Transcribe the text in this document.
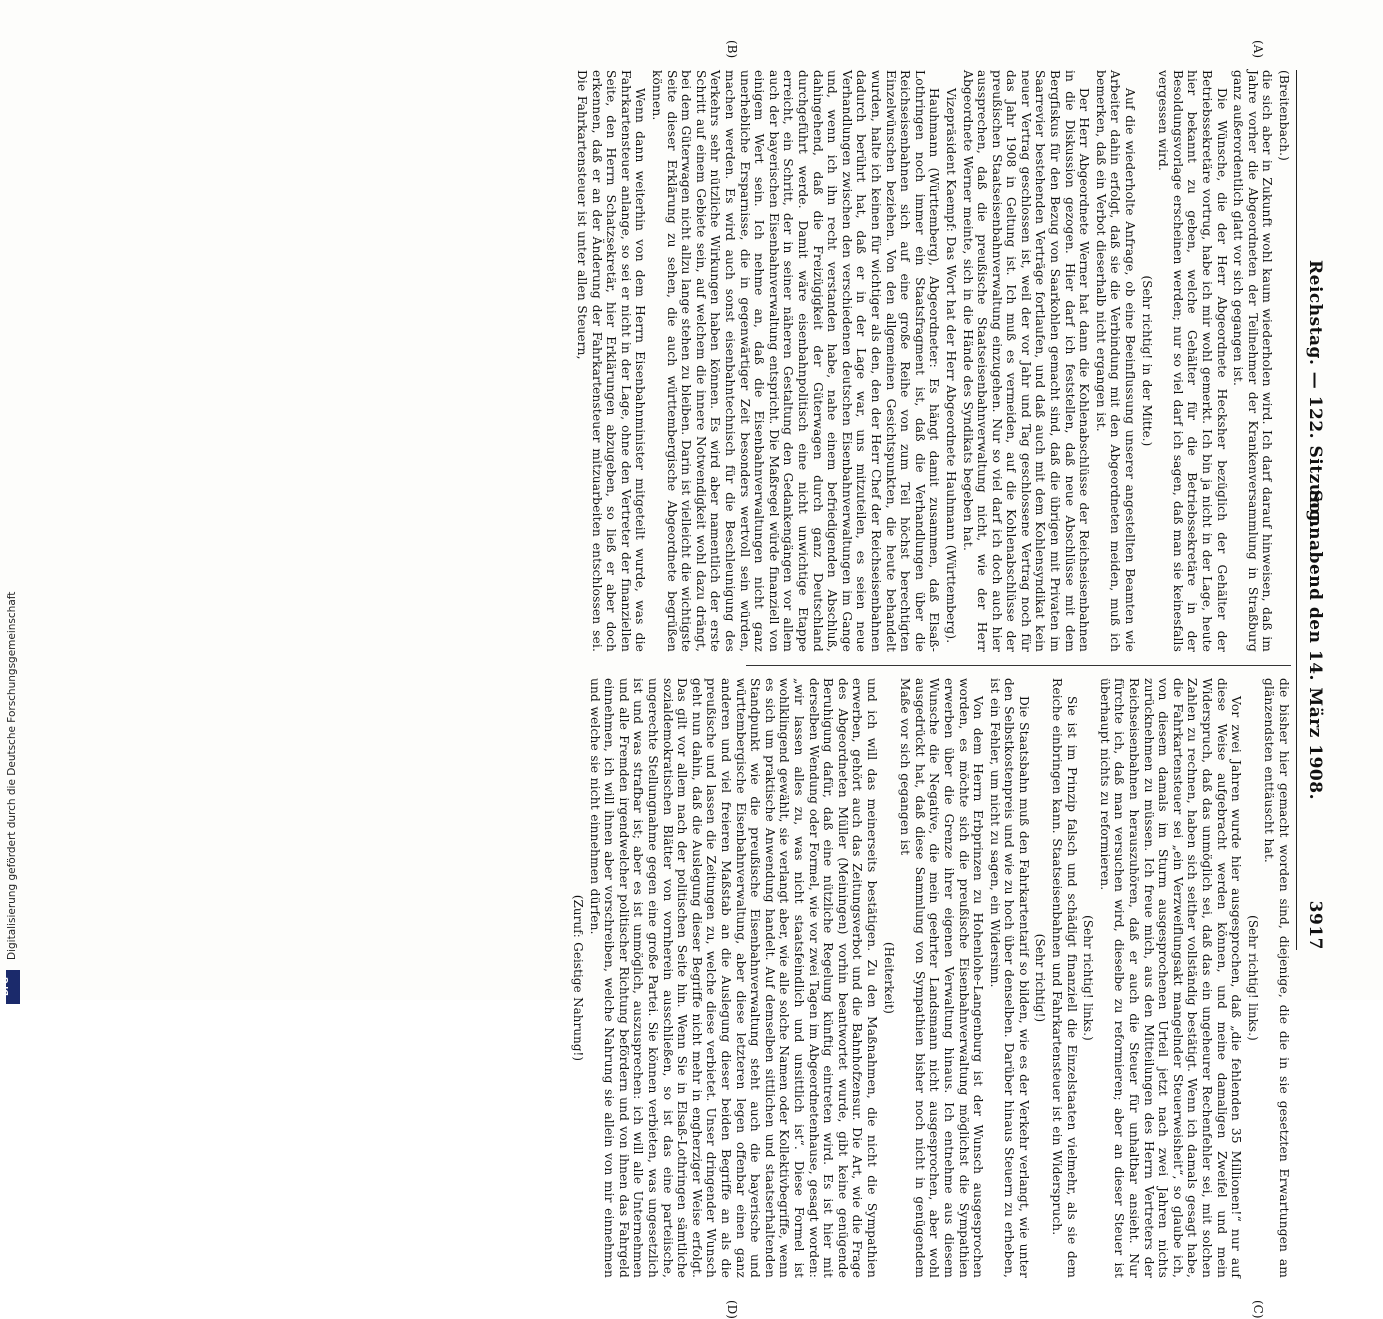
Reichstag. — 122. Sitzung.
Sonnabend den 14. März 1908.
3917
(A)
(B)
(C)
(D)

(Breitenbach.)

die sich aber in Zukunft wohl kaum wiederholen wird. Ich darf darauf hinweisen, daß im Jahre vorher die Abgeordneten der Teilnehmer der Krankenversammlung in Straßburg ganz außerordentlich glatt vor sich gegangen ist.

Die Wünsche, die der Herr Abgeordnete Hecksher bezüglich der Gehälter der Betriebssekretäre vortrug, habe ich mir wohl gemerkt. Ich bin ja nicht in der Lage, heute hier bekannt zu geben, welche Gehälter für die Betriebssekretäre in der Besoldungsvorlage erscheinen werden; nur so viel darf ich sagen, daß man sie keinesfalls vergessen wird.

(Sehr richtig! in der Mitte.)

Auf die wiederholte Anfrage, ob eine Beeinflussung unserer angestellten Beamten wie Arbeiter dahin erfolgt, daß sie die Verbindung mit den Abgeordneten meiden, muß ich bemerken, daß ein Verbot dieserhalb nicht ergangen ist.

Der Herr Abgeordnete Werner hat dann die Kohlenabschlüsse der Reichseisenbahnen in die Diskussion gezogen. Hier darf ich feststellen, daß neue Abschlüsse mit dem Bergfiskus für den Bezug von Saarkohlen gemacht sind, daß die übrigen mit Privaten im Saarrevier bestehenden Verträge fortlaufen, und daß auch mit dem Kohlensyndikat kein neuer Vertrag geschlossen ist, weil der vor Jahr und Tag geschlossene Vertrag noch für das Jahr 1908 in Geltung ist. Ich muß es vermeiden, auf die Kohlenabschlüsse der preußischen Staatseisenbahnverwaltung einzugehen. Nur so viel darf ich doch auch hier aussprechen, daß die preußische Staatseisenbahnverwaltung nicht, wie der Herr Abgeordnete Werner meinte, sich in die Hände des Syndikats begeben hat.

Vizepräsident Kaempf: Das Wort hat der Herr Abgeordnete Hauhmann (Württemberg).

Hauhmann (Württemberg), Abgeordneter: Es hängt damit zusammen, daß Elsaß-Lothringen noch immer ein Staatsfragment ist, daß die Verhandlungen über die Reichseisenbahnen sich auf eine große Reihe von zum Teil höchst berechtigten Einzelwünschen beziehen. Von den allgemeinen Gesichtspunkten, die heute behandelt wurden, halte ich keinen für wichtiger als den, den der Herr Chef der Reichseisenbahnen dadurch berührt hat, daß er in der Lage war, uns mitzuteilen, es seien neue Verhandlungen zwischen den verschiedenen deutschen Eisenbahnverwaltungen im Gange und, wenn ich ihn recht verstanden habe, nahe einem befriedigenden Abschluß, dahingehend, daß die Freizügigkeit der Güterwagen durch ganz Deutschland durchgeführt werde. Damit wäre eisenbahnpolitisch eine nicht unwichtige Etappe erreicht, ein Schritt, der in seiner näheren Gestaltung den Gedankengängen vor allem auch der bayerischen Eisenbahnverwaltung entspricht. Die Maßregel würde finanziell von einigem Wert sein. Ich nehme an, daß die Eisenbahnverwaltungen nicht ganz unerhebliche Ersparnisse, die in gegenwärtiger Zeit besonders wertvoll sein würden, machen werden. Es wird auch sonst eisenbahntechnisch für die Beschleunigung des Verkehrs sehr nützliche Wirkungen haben können. Es wird aber namentlich der erste Schritt auf einem Gebiete sein, auf welchem die innere Notwendigkeit wohl dazu drängt, bei dem Güterwagen nicht allzu lange stehen zu bleiben. Darin ist vielleicht die wichtigste Seite dieser Erklärung zu sehen, die auch württembergische Abgeordnete begrüßen können.

Wenn dann weiterhin von dem Herrn Eisenbahnminister mitgeteilt wurde, was die Fahrkartensteuer anlange, so sei er nicht in der Lage, ohne den Vertreter der finanziellen Seite, den Herrn Schatzsekretär, hier Erklärungen abzugeben, so ließ er aber doch erkennen, daß er an der Änderung der Fahrkartensteuer mitzuarbeiten entschlossen sei. Die Fahrkartensteuer ist unter allen Steuern,

die bisher hier gemacht worden sind, diejenige, die die in sie gesetzten Erwartungen am glänzendsten enttäuscht hat.

(Sehr richtig! links.)

Vor zwei Jahren wurde hier ausgesprochen, daß „die fehlenden 35 Millionen!“ nur auf diese Weise aufgebracht werden können, und meine damaligen Zweifel und mein Widerspruch, daß das unmöglich sei, daß das ein ungeheurer Rechenfehler sei, mit solchen Zahlen zu rechnen, haben sich seither vollständig bestätigt. Wenn ich damals gesagt habe, die Fahrkartensteuer sei „ein Verzweiflungsakt mangelnder Steuerweisheit“, so glaube ich, von diesem damals im Sturm ausgesprochenen Urteil jetzt nach zwei Jahren nichts zurücknehmen zu müssen. Ich freue mich, aus den Mitteilungen des Herrn Vertreters der Reichseisenbahnen herauszuhören, daß er auch die Steuer für unhaltbar ansieht. Nur fürchte ich, daß man versuchen wird, dieselbe zu reformieren; aber an dieser Steuer ist überhaupt nichts zu reformieren.

(Sehr richtig! links.)

Sie ist im Prinzip falsch und schädigt finanziell die Einzelstaaten vielmehr, als sie dem Reiche einbringen kann. Staatseisenbahnen und Fahrkartensteuer ist ein Widerspruch.

(Sehr richtig!)

Die Staatsbahn muß den Fahrkartentarif so bilden, wie es der Verkehr verlangt, wie unter den Selbstkostenpreis und wie zu hoch über denselben. Darüber hinaus Steuern zu erheben, ist ein Fehler, um nicht zu sagen, ein Widersinn.

Von dem Herrn Erbprinzen zu Hohenlohe-Langenburg ist der Wunsch ausgesprochen worden, es möchte sich die preußische Eisenbahnverwaltung möglichst die Sympathien erwerben über die Grenze ihrer eigenen Verwaltung hinaus. Ich entnehme aus diesem Wunsche die Negative, die mein geehrter Landsmann nicht ausgesprochen, aber wohl ausgedrückt hat, daß diese Sammlung von Sympathien bisher noch nicht in genügendem Maße vor sich gegangen ist

(Heiterkeit)

und ich will das meinerseits bestätigen. Zu den Maßnahmen, die nicht die Sympathien erwerben, gehört auch das Zeitungsverbot und die Bahnhofzensur. Die Art, wie die Frage des Abgeordneten Müller (Meiningen) vorhin beantwortet wurde, gibt keine genügende Beruhigung dafür, daß eine nützliche Regelung künftig eintreten wird. Es ist hier mit derselben Wendung oder Formel, wie vor zwei Tagen im Abgeordnetenhause, gesagt worden: „wir lassen alles zu, was nicht staatsfeindlich und unsittlich ist“. Diese Formel ist wohlklingend gewählt, sie verlangt aber, wie alle solche Namen oder Kollektivbegriffe, wenn es sich um praktische Anwendung handelt. Auf demselben sittlichen und staatserhaltenden Standpunkt wie die preußische Eisenbahnverwaltung steht auch die bayerische und württembergische Eisenbahnverwaltung, aber diese letzteren legen offenbar einen ganz anderen und viel freieren Maßstab an die Auslegung dieser beiden Begriffe an als die preußische und lassen die Zeitungen zu, welche diese verbietet. Unser dringender Wunsch geht nun dahin, daß die Auslegung dieser Begriffe nicht mehr in engherziger Weise erfolgt. Das gilt vor allem nach der politischen Seite hin. Wenn Sie in Elsaß-Lothringen sämtliche sozialdemokratischen Blätter von vornherein ausschließen, so ist das eine parteiische, ungerechte Stellungnahme gegen eine große Partei. Sie können verbieten, was ungesetzlich ist und was strafbar ist; aber es ist unmöglich, auszusprechen: ich will alle Unternehmen und alle Fremden irgendwelcher politischer Richtung befördern und von ihnen das Fahrgeld einnehmen, ich will ihnen aber vorschreiben, welche Nahrung sie allein von mir einnehmen und welche sie nicht einnehmen dürfen.

(Zuruf: Geistige Nahrung!)

Digitalisierung gefördert durch die Deutsche Forschungsgemeinschaft
DFG
